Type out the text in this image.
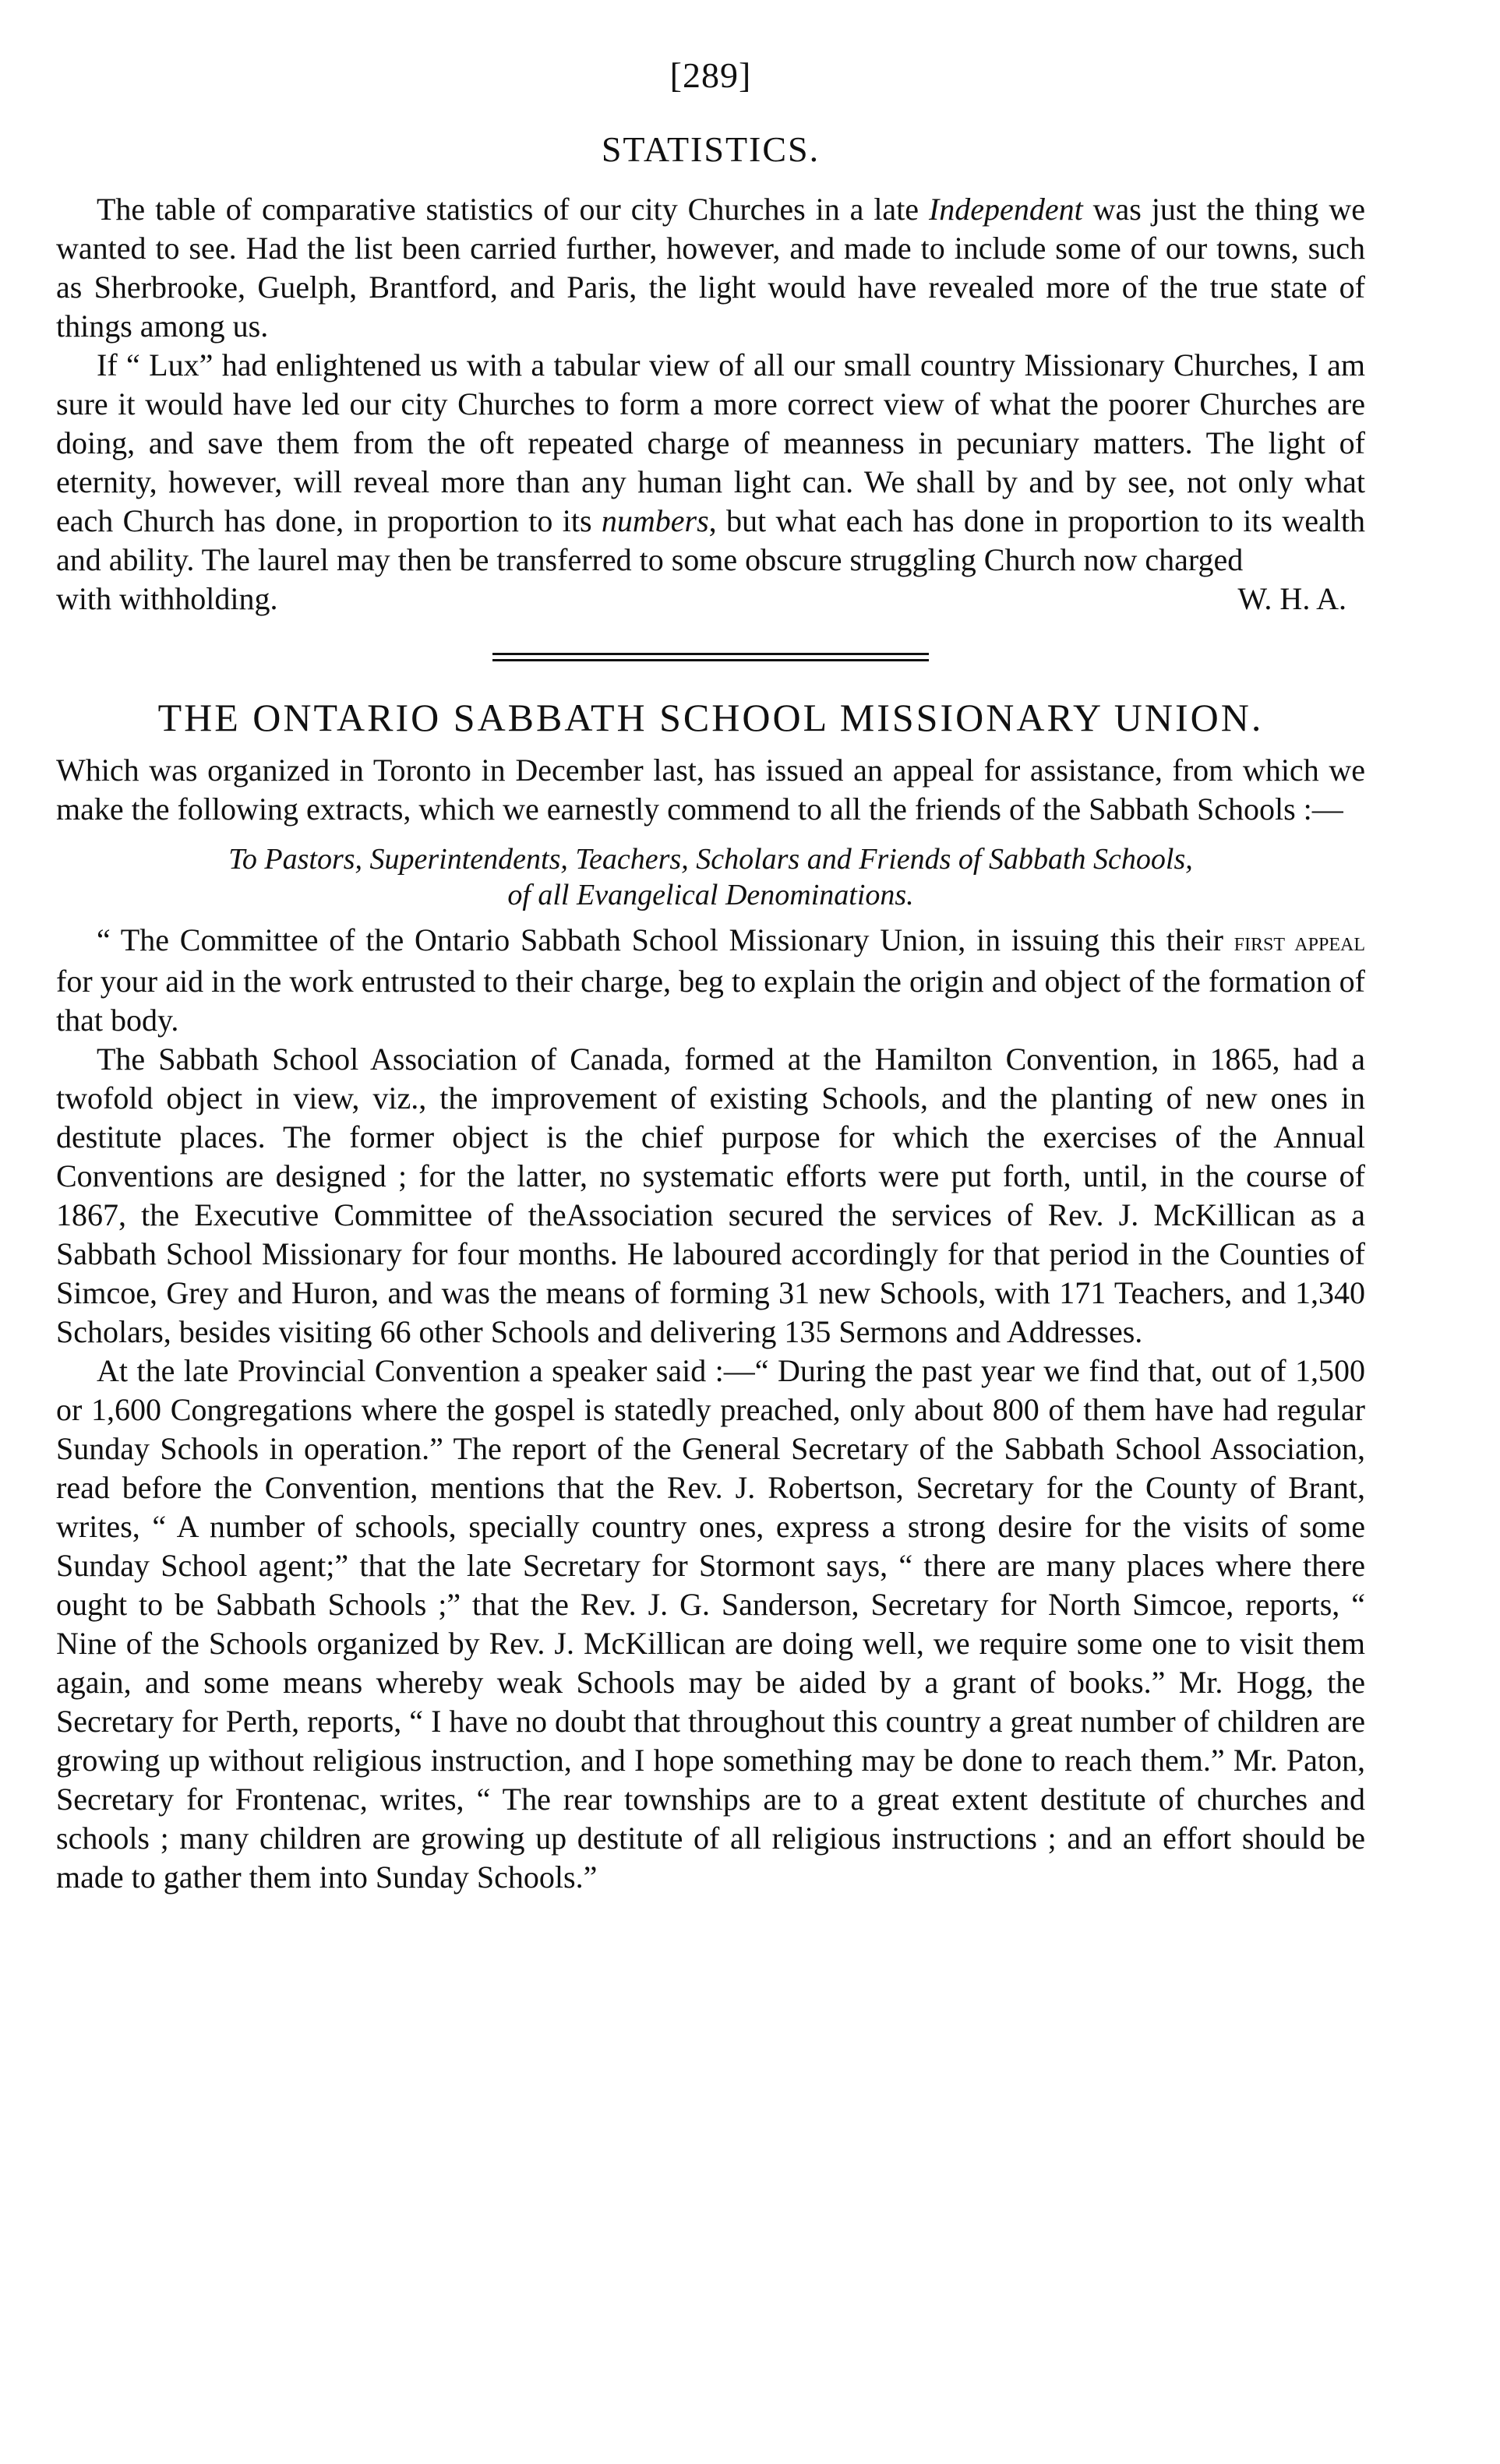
[289]
STATISTICS.

The table of comparative statistics of our city Churches in a late Independent was just the thing we wanted to see. Had the list been carried further, however, and made to include some of our towns, such as Sherbrooke, Guelph, Brantford, and Paris, the light would have revealed more of the true state of things among us.

If “ Lux” had enlightened us with a tabular view of all our small country Missionary Churches, I am sure it would have led our city Churches to form a more correct view of what the poorer Churches are doing, and save them from the oft repeated charge of meanness in pecuniary matters. The light of eternity, however, will reveal more than any human light can. We shall by and by see, not only what each Church has done, in proportion to its numbers, but what each has done in proportion to its wealth and ability. The laurel may then be transferred to some obscure struggling Church now charged

with withholding.	W. H. A.
THE ONTARIO SABBATH SCHOOL MISSIONARY UNION.

Which was organized in Toronto in December last, has issued an appeal for assistance, from which we make the following extracts, which we earnestly commend to all the friends of the Sabbath Schools :—

To Pastors, Superintendents, Teachers, Scholars and Friends of Sabbath Schools,
of all Evangelical Denominations.

“ The Committee of the Ontario Sabbath School Missionary Union, in issuing this their first appeal for your aid in the work entrusted to their charge, beg to explain the origin and object of the formation of that body.

The Sabbath School Association of Canada, formed at the Hamilton Convention, in 1865, had a twofold object in view, viz., the improvement of existing Schools, and the planting of new ones in destitute places. The former object is the chief purpose for which the exercises of the Annual Conventions are designed ; for the latter, no systematic efforts were put forth, until, in the course of 1867, the Executive Committee of theAssociation secured the services of Rev. J. McKillican as a Sabbath School Missionary for four months. He laboured accordingly for that period in the Counties of Simcoe, Grey and Huron, and was the means of forming 31 new Schools, with 171 Teachers, and 1,340 Scholars, besides visiting 66 other Schools and delivering 135 Sermons and Addresses.

At the late Provincial Convention a speaker said :—“ During the past year we find that, out of 1,500 or 1,600 Congregations where the gospel is statedly preached, only about 800 of them have had regular Sunday Schools in operation.” The report of the General Secretary of the Sabbath School Association, read before the Convention, mentions that the Rev. J. Robertson, Secretary for the County of Brant, writes, “ A number of schools, specially country ones, express a strong desire for the visits of some Sunday School agent;” that the late Secretary for Stormont says, “ there are many places where there ought to be Sabbath Schools ;” that the Rev. J. G. Sanderson, Secretary for North Simcoe, reports, “ Nine of the Schools organized by Rev. J. McKillican are doing well, we require some one to visit them again, and some means whereby weak Schools may be aided by a grant of books.” Mr. Hogg, the Secretary for Perth, reports, “ I have no doubt that throughout this country a great number of children are growing up without religious instruction, and I hope something may be done to reach them.” Mr. Paton, Secretary for Frontenac, writes, “ The rear townships are to a great extent destitute of churches and schools ; many children are growing up destitute of all religious instructions ; and an effort should be made to gather them into Sunday Schools.”
